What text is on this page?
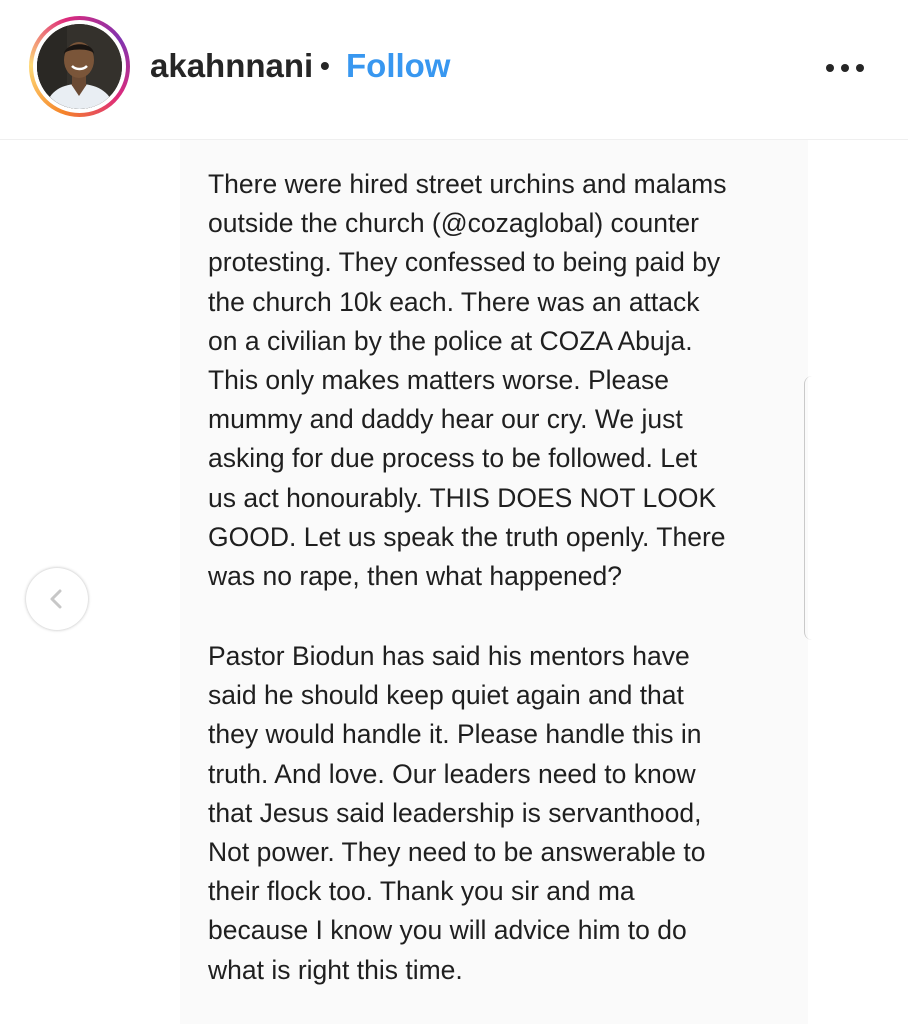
akahnnani • Follow

There were hired street urchins and malams
outside the church (@cozaglobal) counter
protesting. They confessed to being paid by
the church 10k each. There was an attack
on a civilian by the police at COZA Abuja.
This only makes matters worse. Please
mummy and daddy hear our cry. We just
asking for due process to be followed. Let
us act honourably. THIS DOES NOT LOOK
GOOD. Let us speak the truth openly. There
was no rape, then what happened?

Pastor Biodun has said his mentors have
said he should keep quiet again and that
they would handle it. Please handle this in
truth. And love. Our leaders need to know
that Jesus said leadership is servanthood,
Not power. They need to be answerable to
their flock too. Thank you sir and ma
because I know you will advice him to do
what is right this time.
